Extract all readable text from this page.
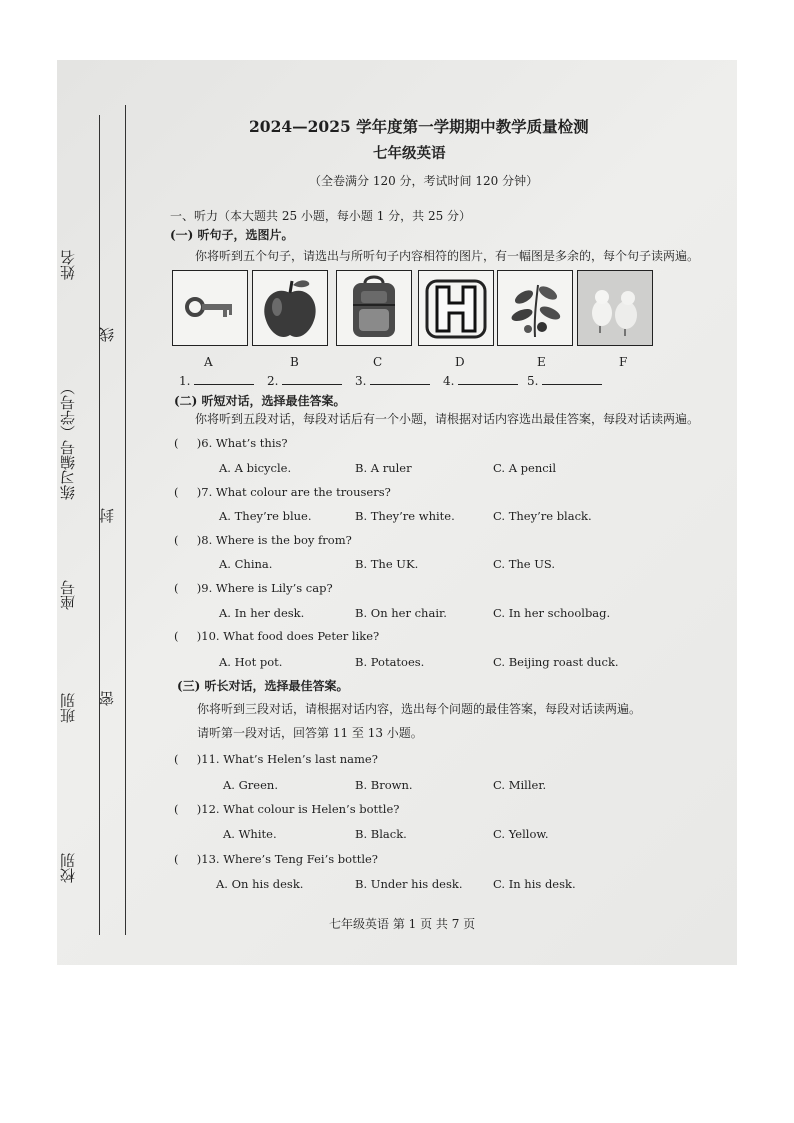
姓名
线
练习编号（学号）
封
座号
班别	密
校别
2024—2025 学年度第一学期期中教学质量检测
七年级英语
（全卷满分 120 分，考试时间 120 分钟）
一、听力（本大题共 25 小题，每小题 1 分，共 25 分）
(一) 听句子，选图片。
你将听到五个句子，请选出与所听句子内容相符的图片，有一幅图是多余的，每个句子读两遍。
A	B	C	D	E	F
1.	2.	3.	4.	5.
(二) 听短对话，选择最佳答案。
你将听到五段对话，每段对话后有一个小题，请根据对话内容选出最佳答案，每段对话读两遍。
(     )6. What’s this?
A. A bicycle.	B. A ruler	C. A pencil
(     )7. What colour are the trousers?
A. They’re blue.	B. They’re white.	C. They’re black.
(     )8. Where is the boy from?
A. China.	B. The UK.	C. The US.
(     )9. Where is Lily’s cap?
A. In her desk.	B. On her chair.	C. In her schoolbag.
(     )10. What food does Peter like?
A. Hot pot.	B. Potatoes.	C. Beijing roast duck.
(三) 听长对话，选择最佳答案。
你将听到三段对话，请根据对话内容，选出每个问题的最佳答案，每段对话读两遍。
请听第一段对话，回答第 11 至 13 小题。
(     )11. What’s Helen’s last name?
A. Green.	B. Brown.	C. Miller.
(     )12. What colour is Helen’s bottle?
A. White.	B. Black.	C. Yellow.
(     )13. Where’s Teng Fei’s bottle?
A. On his desk.	B. Under his desk.	C. In his desk.
七年级英语 第 1 页 共 7 页
